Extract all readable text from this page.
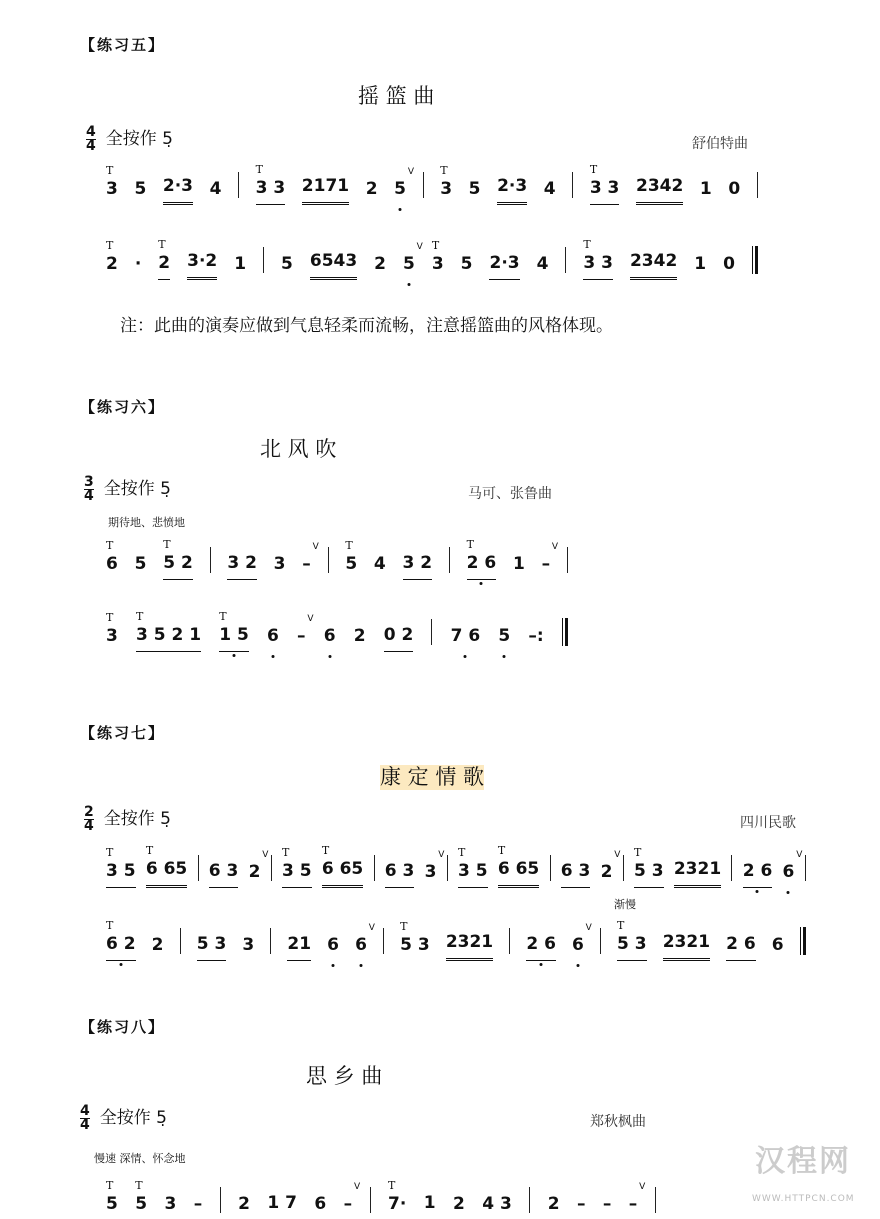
【练习五】
摇 篮 曲
$\frac{4}{4}$ 全按作 5̣	舒伯特曲
3
T
5 2·3 4 3 3
T
2171 2 5
V
3
T
5 2·3 4 3 3
T
2342 1 0
2
T
· 2
T
3·2 1 5 6543 2 5
V
3
T
5 2·3 4 3 3
T
2342 1 0
注：此曲的演奏应做到气息轻柔而流畅，注意摇篮曲的风格体现。
【练习六】
北 风 吹
$\frac{3}{4}$ 全按作 5̣	马可、张鲁曲
期待地、悲愤地
6
T
5 5 2
T
3 2 3 –
V
5
T
4 3 2 2 6
T
1 –
V
3
T
3 5 2 1
T
1 5
T
6 –
V
6 2 0 2 7 6 5 –:
【练习七】
康 定 情 歌
$\frac{2}{4}$ 全按作 5̣	四川民歌
3 5
T
6 65
T
6 3 2
V
3 5
T
6 65
T
6 3 3
V
3 5
T
6 65
T
6 3 2
V
5 3
T
2321 2 6 6
V
渐慢
6 2
T
2 5 3 3 21 6 6
V
5 3
T
2321 2 6 6
V
5 3
T
2321 2 6 6
【练习八】
思 乡 曲
$\frac{4}{4}$ 全按作 5̣	郑秋枫曲
慢速 深情、怀念地
5
T
5
T
3 – 2 1 7 6 –
V
7·
T
1 2 4 3 2 – – –
V
汉程网
WWW.HTTPCN.COM
